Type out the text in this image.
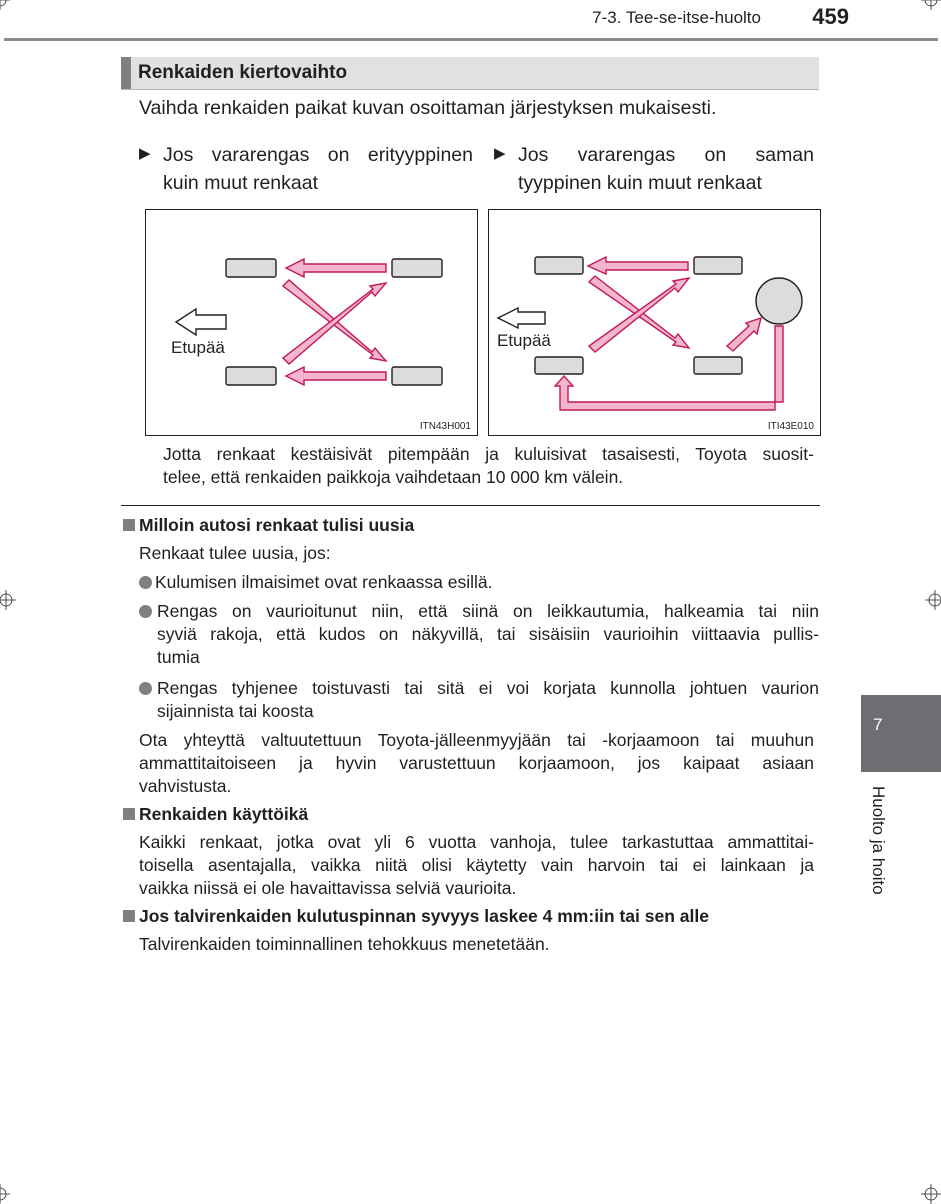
7-3. Tee-se-itse-huolto 459
Renkaiden kiertovaihto
Vaihda renkaiden paikat kuvan osoittaman järjestyksen mukaisesti.
▶ Jos vararengas on erityyppinen
kuin muut renkaat
▶ Jos vararengas on saman
tyyppinen kuin muut renkaat
Etupää
ITN43H001
Etupää
ITI43E010
Jotta renkaat kestäisivät pitempään ja kuluisivat tasaisesti, Toyota suosit-
telee, että renkaiden paikkoja vaihdetaan 10 000 km välein.
Milloin autosi renkaat tulisi uusia
Renkaat tulee uusia, jos:
Kulumisen ilmaisimet ovat renkaassa esillä.
Rengas on vaurioitunut niin, että siinä on leikkautumia, halkeamia tai niin
syviä rakoja, että kudos on näkyvillä, tai sisäisiin vaurioihin viittaavia pullis-
tumia
Rengas tyhjenee toistuvasti tai sitä ei voi korjata kunnolla johtuen vaurion
sijainnista tai koosta
Ota yhteyttä valtuutettuun Toyota-jälleenmyyjään tai -korjaamoon tai muuhun
ammattitaitoiseen ja hyvin varustettuun korjaamoon, jos kaipaat asiaan
vahvistusta.
Renkaiden käyttöikä
Kaikki renkaat, jotka ovat yli 6 vuotta vanhoja, tulee tarkastuttaa ammattitai-
toisella asentajalla, vaikka niitä olisi käytetty vain harvoin tai ei lainkaan ja
vaikka niissä ei ole havaittavissa selviä vaurioita.
Jos talvirenkaiden kulutuspinnan syvyys laskee 4 mm:iin tai sen alle
Talvirenkaiden toiminnallinen tehokkuus menetetään.
7
Huolto ja hoito
